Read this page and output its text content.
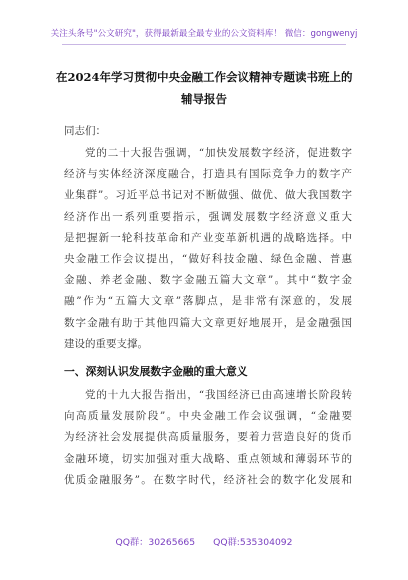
关注头条号"公文研究"，获得最新最全最专业的公文资料库！ 微信：gongwenyj
在2024年学习贯彻中央金融工作会议精神专题读书班上的
辅导报告
同志们：
党的二十大报告强调，“加快发展数字经济，促进数字
经济与实体经济深度融合，打造具有国际竞争力的数字产
业集群”。习近平总书记对不断做强、做优、做大我国数字
经济作出一系列重要指示，强调发展数字经济意义重大
是把握新一轮科技革命和产业变革新机遇的战略选择。中
央金融工作会议提出，“做好科技金融、绿色金融、普惠
金融、养老金融、数字金融五篇大文章”。其中“数字金
融”作为“五篇大文章”落脚点，是非常有深意的，发展
数字金融有助于其他四篇大文章更好地展开，是金融强国
建设的重要支撑。
一、深刻认识发展数字金融的重大意义
党的十九大报告指出，“我国经济已由高速增长阶段转
向高质量发展阶段”。中央金融工作会议强调，“金融要
为经济社会发展提供高质量服务，要着力营造良好的货币
金融环境，切实加强对重大战略、重点领域和薄弱环节的
优质金融服务”。在数字时代，经济社会的数字化发展和
QQ群：30265665 QQ群:535304092
